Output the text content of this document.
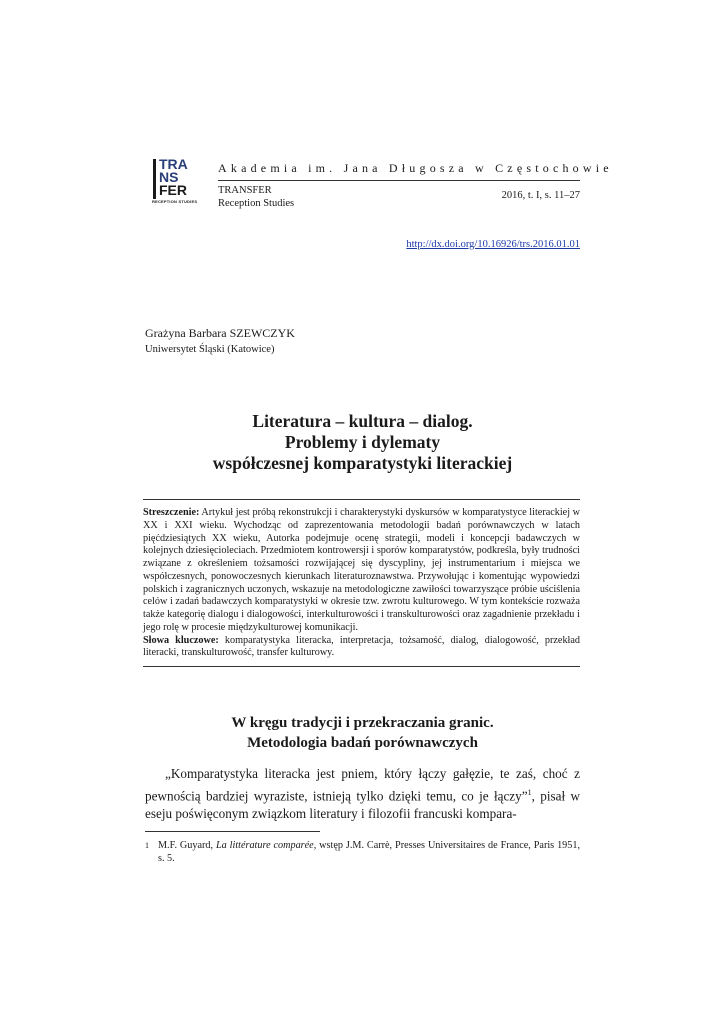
TRA
NS
FER
RECEPTION STUDIES
Akademia im. Jana Długosza w Częstochowie
TRANSFER
Reception Studies
2016, t. I, s. 11–27
http://dx.doi.org/10.16926/trs.2016.01.01
Grażyna Barbara SZEWCZYK
Uniwersytet Śląski (Katowice)
Literatura – kultura – dialog.
Problemy i dylematy
współczesnej komparatystyki literackiej

Streszczenie: Artykuł jest próbą rekonstrukcji i charakterystyki dyskursów w komparatystyce literackiej w XX i XXI wieku. Wychodząc od zaprezentowania metodologii badań porównawczych w latach pięćdziesiątych XX wieku, Autorka podejmuje ocenę strategii, modeli i koncepcji badawczych w kolejnych dziesięcioleciach. Przedmiotem kontrowersji i sporów komparatystów, podkreśla, były trudności związane z określeniem tożsamości rozwijającej się dyscypliny, jej instrumentarium i miejsca we współczesnych, ponowoczesnych kierunkach literaturoznawstwa. Przywołując i komentując wypowiedzi polskich i zagranicznych uczonych, wskazuje na metodologiczne zawiłości towarzyszące próbie uściślenia celów i zadań badawczych komparatystyki w okresie tzw. zwrotu kulturowego. W tym kontekście rozważa także kategorię dialogu i dialogowości, interkulturowości i transkulturowości oraz zagadnienie przekładu i jego rolę w procesie międzykulturowej komunikacji.

Słowa kluczowe: komparatystyka literacka, interpretacja, tożsamość, dialog, dialogowość, przekład literacki, transkulturowość, transfer kulturowy.

W kręgu tradycji i przekraczania granic.
Metodologia badań porównawczych

„Komparatystyka literacka jest pniem, który łączy gałęzie, te zaś, choć z pewnością bardziej wyraziste, istnieją tylko dzięki temu, co je łączy”$^1$, pisał w eseju poświęconym związkom literatury i filozofii francuski kompara-

1 M.F. Guyard, La littérature comparée, wstęp J.M. Carrè, Presses Universitaires de France, Paris 1951, s. 5.
